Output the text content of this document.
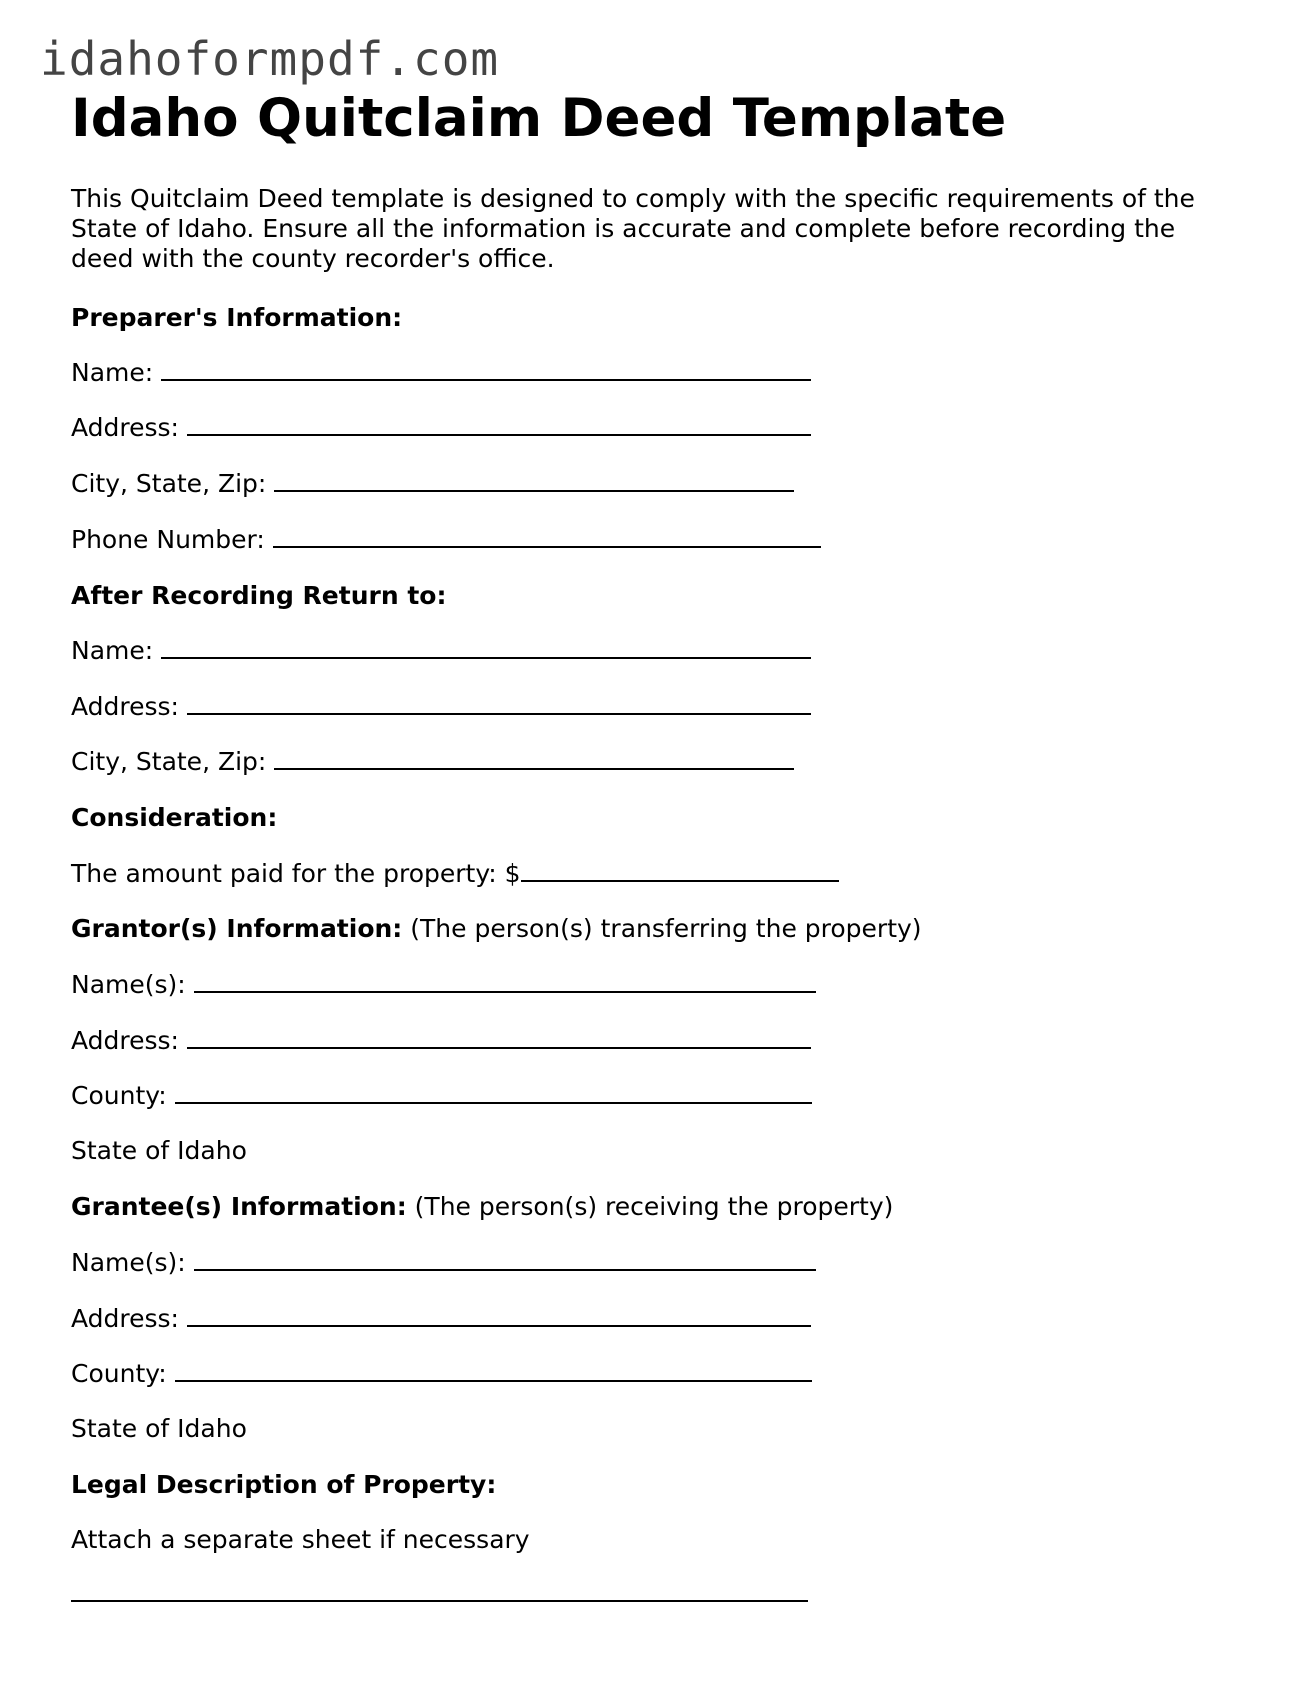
idahoformpdf.com
Idaho Quitclaim Deed Template

This Quitclaim Deed template is designed to comply with the specific requirements of the State of Idaho. Ensure all the information is accurate and complete before recording the deed with the county recorder's office.

Preparer's Information:
Name:
Address:
City, State, Zip:
Phone Number:
After Recording Return to:
Name:
Address:
City, State, Zip:
Consideration:
The amount paid for the property: $
Grantor(s) Information: (The person(s) transferring the property)
Name(s):
Address:
County:
State of Idaho
Grantee(s) Information: (The person(s) receiving the property)
Name(s):
Address:
County:
State of Idaho
Legal Description of Property:
Attach a separate sheet if necessary
